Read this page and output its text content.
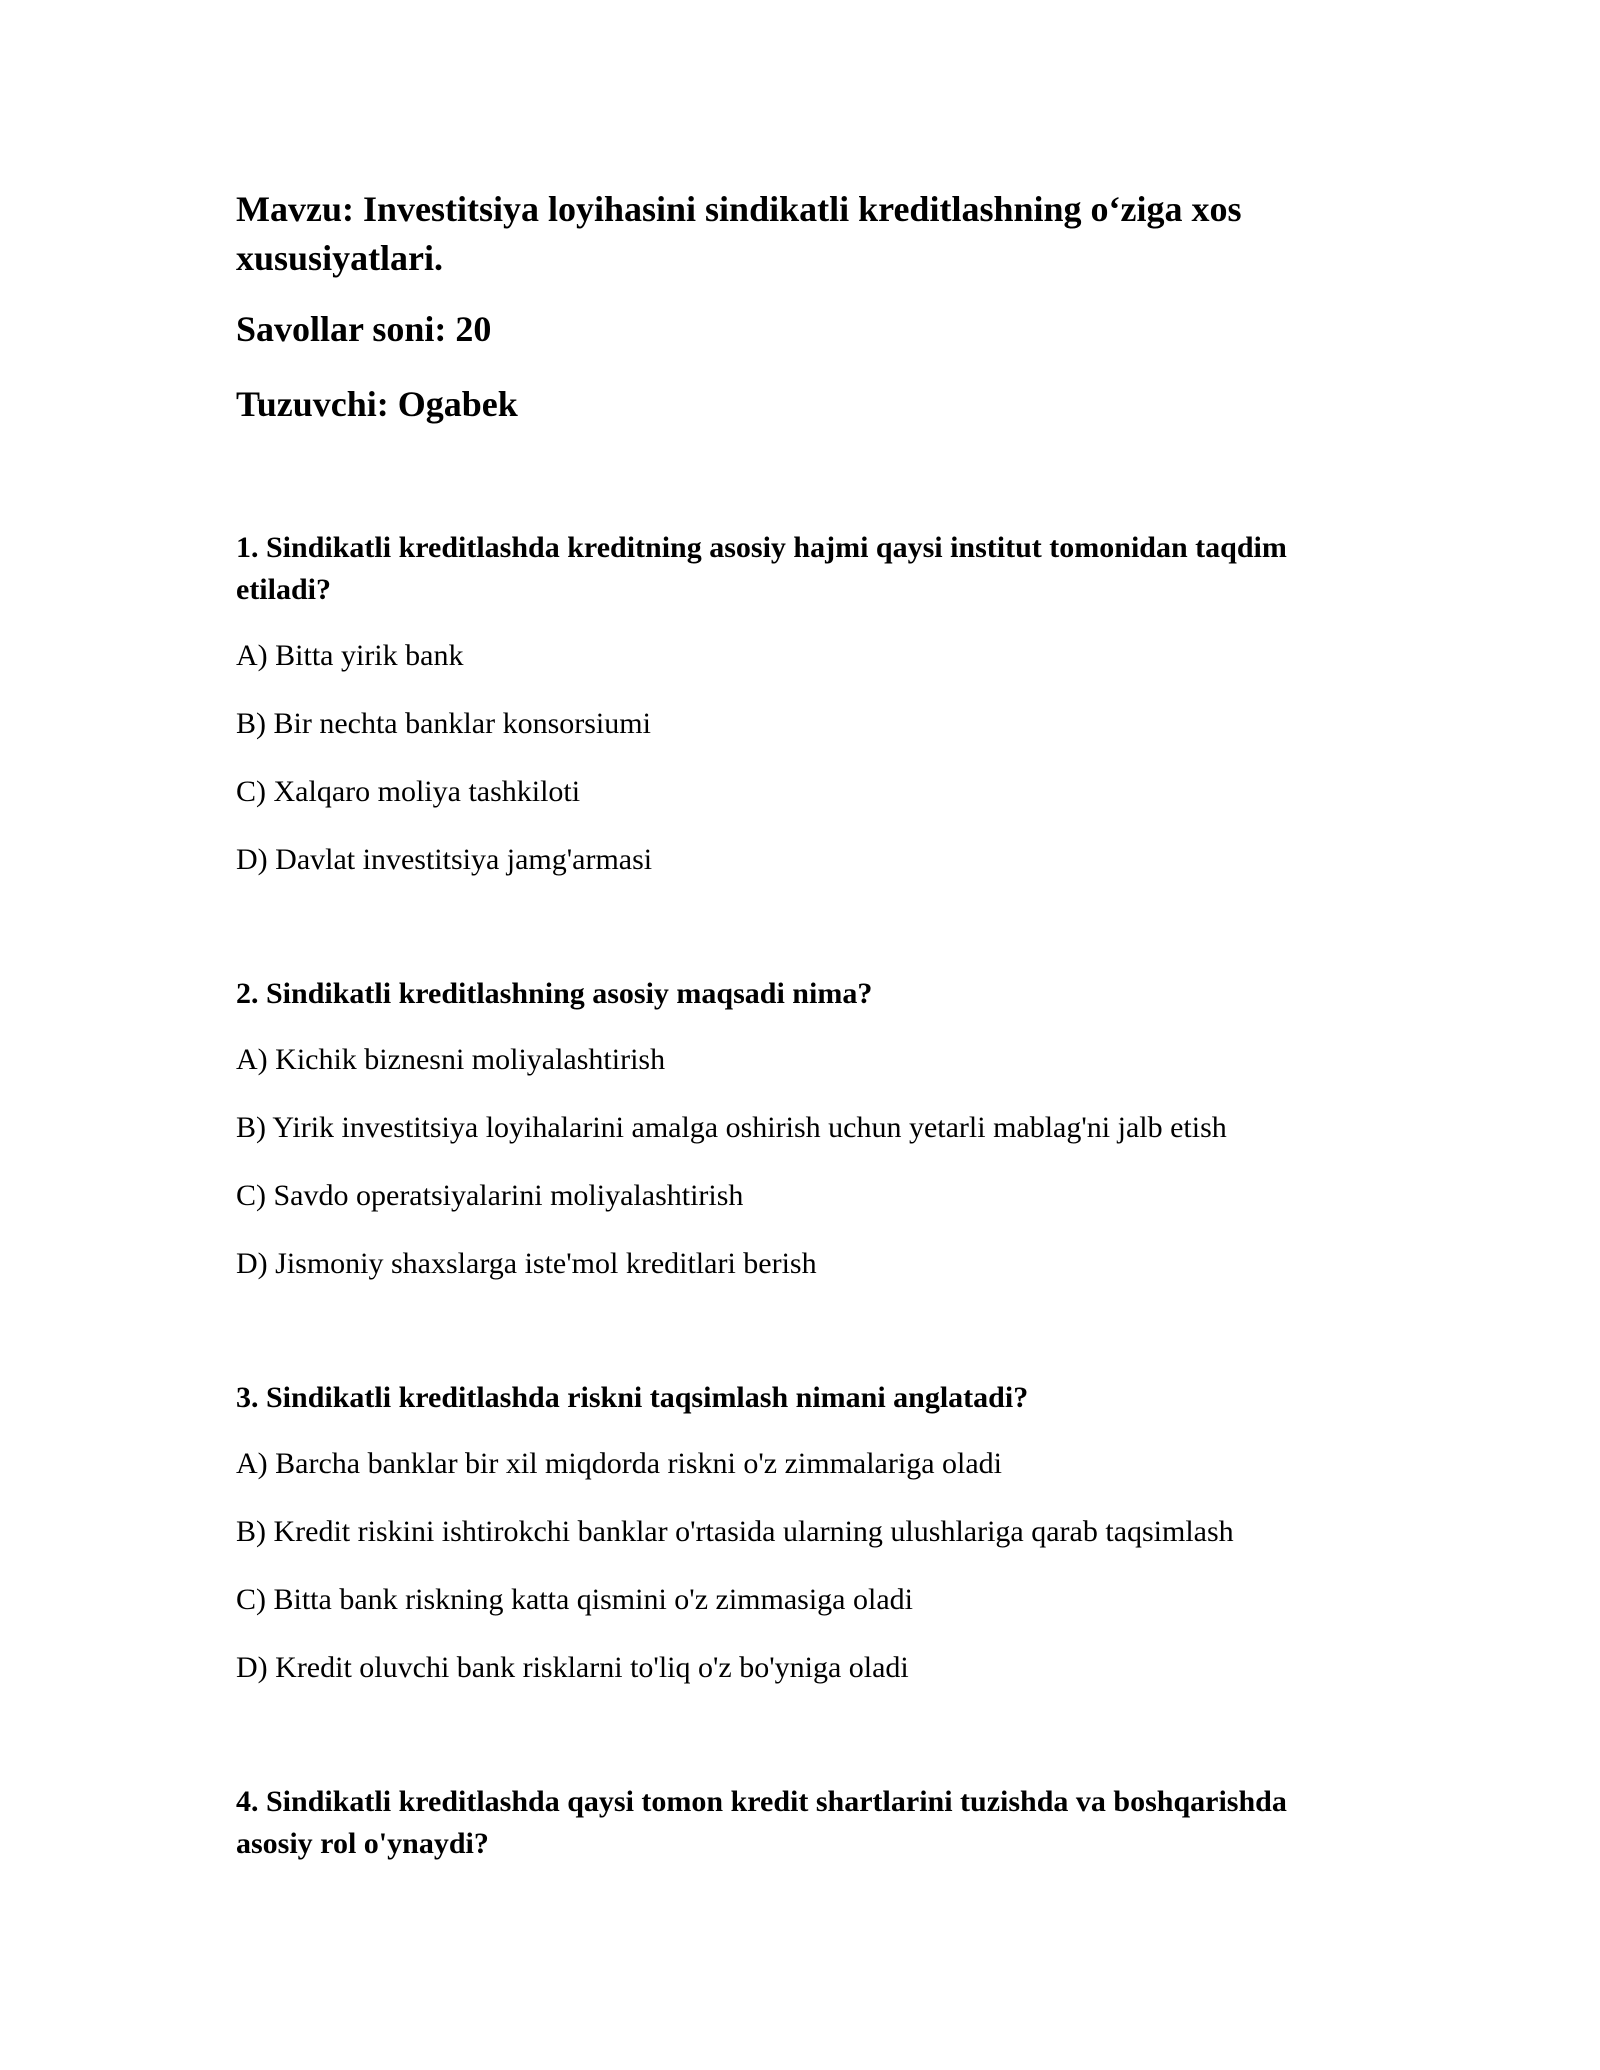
Mavzu: Investitsiya loyihasini sindikatli kreditlashning o‘ziga xos xususiyatlari.
Savollar soni: 20
Tuzuvchi: Ogabek
1. Sindikatli kreditlashda kreditning asosiy hajmi qaysi institut tomonidan taqdim etiladi?
A) Bitta yirik bank
B) Bir nechta banklar konsorsiumi
C) Xalqaro moliya tashkiloti
D) Davlat investitsiya jamg'armasi
2. Sindikatli kreditlashning asosiy maqsadi nima?
A) Kichik biznesni moliyalashtirish
B) Yirik investitsiya loyihalarini amalga oshirish uchun yetarli mablag'ni jalb etish
C) Savdo operatsiyalarini moliyalashtirish
D) Jismoniy shaxslarga iste'mol kreditlari berish
3. Sindikatli kreditlashda riskni taqsimlash nimani anglatadi?
A) Barcha banklar bir xil miqdorda riskni o'z zimmalariga oladi
B) Kredit riskini ishtirokchi banklar o'rtasida ularning ulushlariga qarab taqsimlash
C) Bitta bank riskning katta qismini o'z zimmasiga oladi
D) Kredit oluvchi bank risklarni to'liq o'z bo'yniga oladi
4. Sindikatli kreditlashda qaysi tomon kredit shartlarini tuzishda va boshqarishda asosiy rol o'ynaydi?
